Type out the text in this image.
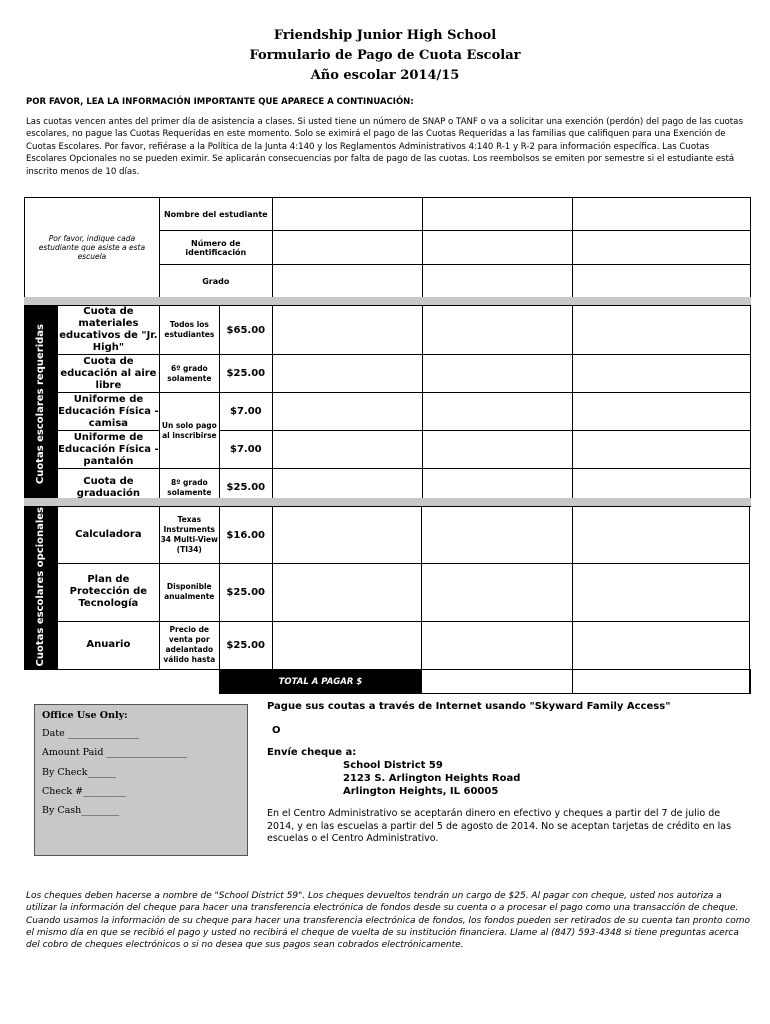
Friendship Junior High School
Formulario de Pago de Cuota Escolar
Año escolar 2014/15
POR FAVOR, LEA LA INFORMACIÓN IMPORTANTE QUE APARECE A CONTINUACIÓN:
Las cuotas vencen antes del primer día de asistencia a clases. Si usted tiene un número de SNAP o TANF o va a solicitar una exención (perdón) del pago de las cuotas escolares, no pague las Cuotas Requeridas en este momento. Solo se eximirá el pago de las Cuotas Requeridas a las familias que califiquen para una Exención de Cuotas Escolares. Por favor, refiérase a la Política de la Junta 4:140 y los Reglamentos Administrativos 4:140 R-1 y R-2 para información específica. Las Cuotas Escolares Opcionales no se pueden eximir. Se aplicarán consecuencias por falta de pago de las cuotas. Los reembolsos se emiten por semestre si el estudiante está inscrito menos de 10 días.
Por favor, indique cada estudiante que asiste a esta escuela	Nombre del estudiante			
	Número de identificación			
	Grado			
Cuotas escolares requeridas	Cuota de materiales educativos de "Jr. High"	Todos los estudiantes	$65.00			
	Cuota de educación al aire libre	6º grado solamente	$25.00			
	Uniforme de Educación Física - camisa	Un solo pago al inscribirse	$7.00			
	Uniforme de Educación Física - pantalón		$7.00			
	Cuota de graduación	8º grado solamente	$25.00			
Cuotas escolares opcionales	Calculadora	Texas Instruments 34 Multi-View (TI34)	$16.00				
	Plan de Protección de Tecnología	Disponible anualmente	$25.00				
	Anuario	Precio de venta por adelantado válido hasta	$25.00				
			TOTAL A PAGAR $				
Office Use Only:
Date _______________
Amount Paid _________________
By Check______
Check #_________
By Cash________
Pague sus coutas a través de Internet usando "Skyward Family Access"
O
Envíe cheque a:
School District 59
2123 S. Arlington Heights Road
Arlington Heights, IL 60005
En el Centro Administrativo se aceptarán dinero en efectivo y cheques a partir del 7 de julio de 2014, y en las escuelas a partir del 5 de agosto de 2014. No se aceptan tarjetas de crédito en las escuelas o el Centro Administrativo.
Los cheques deben hacerse a nombre de "School District 59". Los cheques devueltos tendrán un cargo de $25. Al pagar con cheque, usted nos autoriza a utilizar la información del cheque para hacer una transferencia electrónica de fondos desde su cuenta o a procesar el pago como una transacción de cheque. Cuando usamos la información de su cheque para hacer una transferencia electrónica de fondos, los fondos pueden ser retirados de su cuenta tan pronto como el mismo día en que se recibió el pago y usted no recibirá el cheque de vuelta de su institución financiera. Llame al (847) 593-4348 si tiene preguntas acerca del cobro de cheques electrónicos o si no desea que sus pagos sean cobrados electrónicamente.
